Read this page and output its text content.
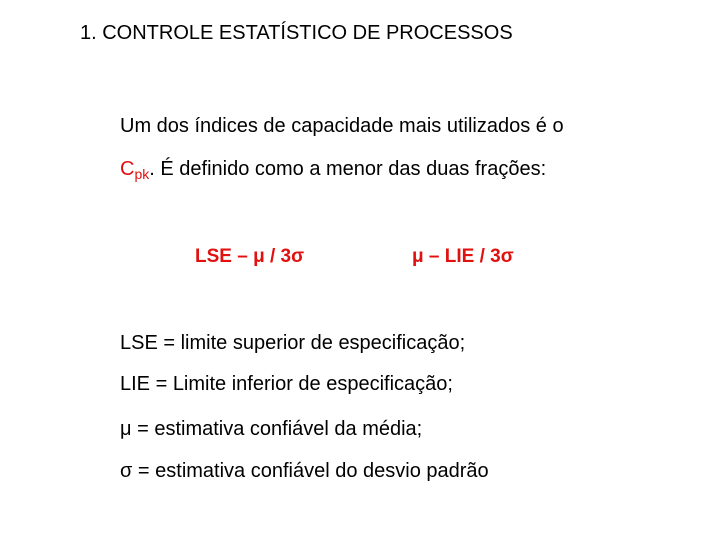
1. CONTROLE ESTATÍSTICO DE PROCESSOS
Um dos índices de capacidade mais utilizados é o
$C_{pk}$. É definido como a menor das duas frações:
LSE – μ / 3σ	μ – LIE / 3σ
LSE = limite superior de especificação;
LIE = Limite inferior de especificação;
μ = estimativa confiável da média;
σ = estimativa confiável do desvio padrão
